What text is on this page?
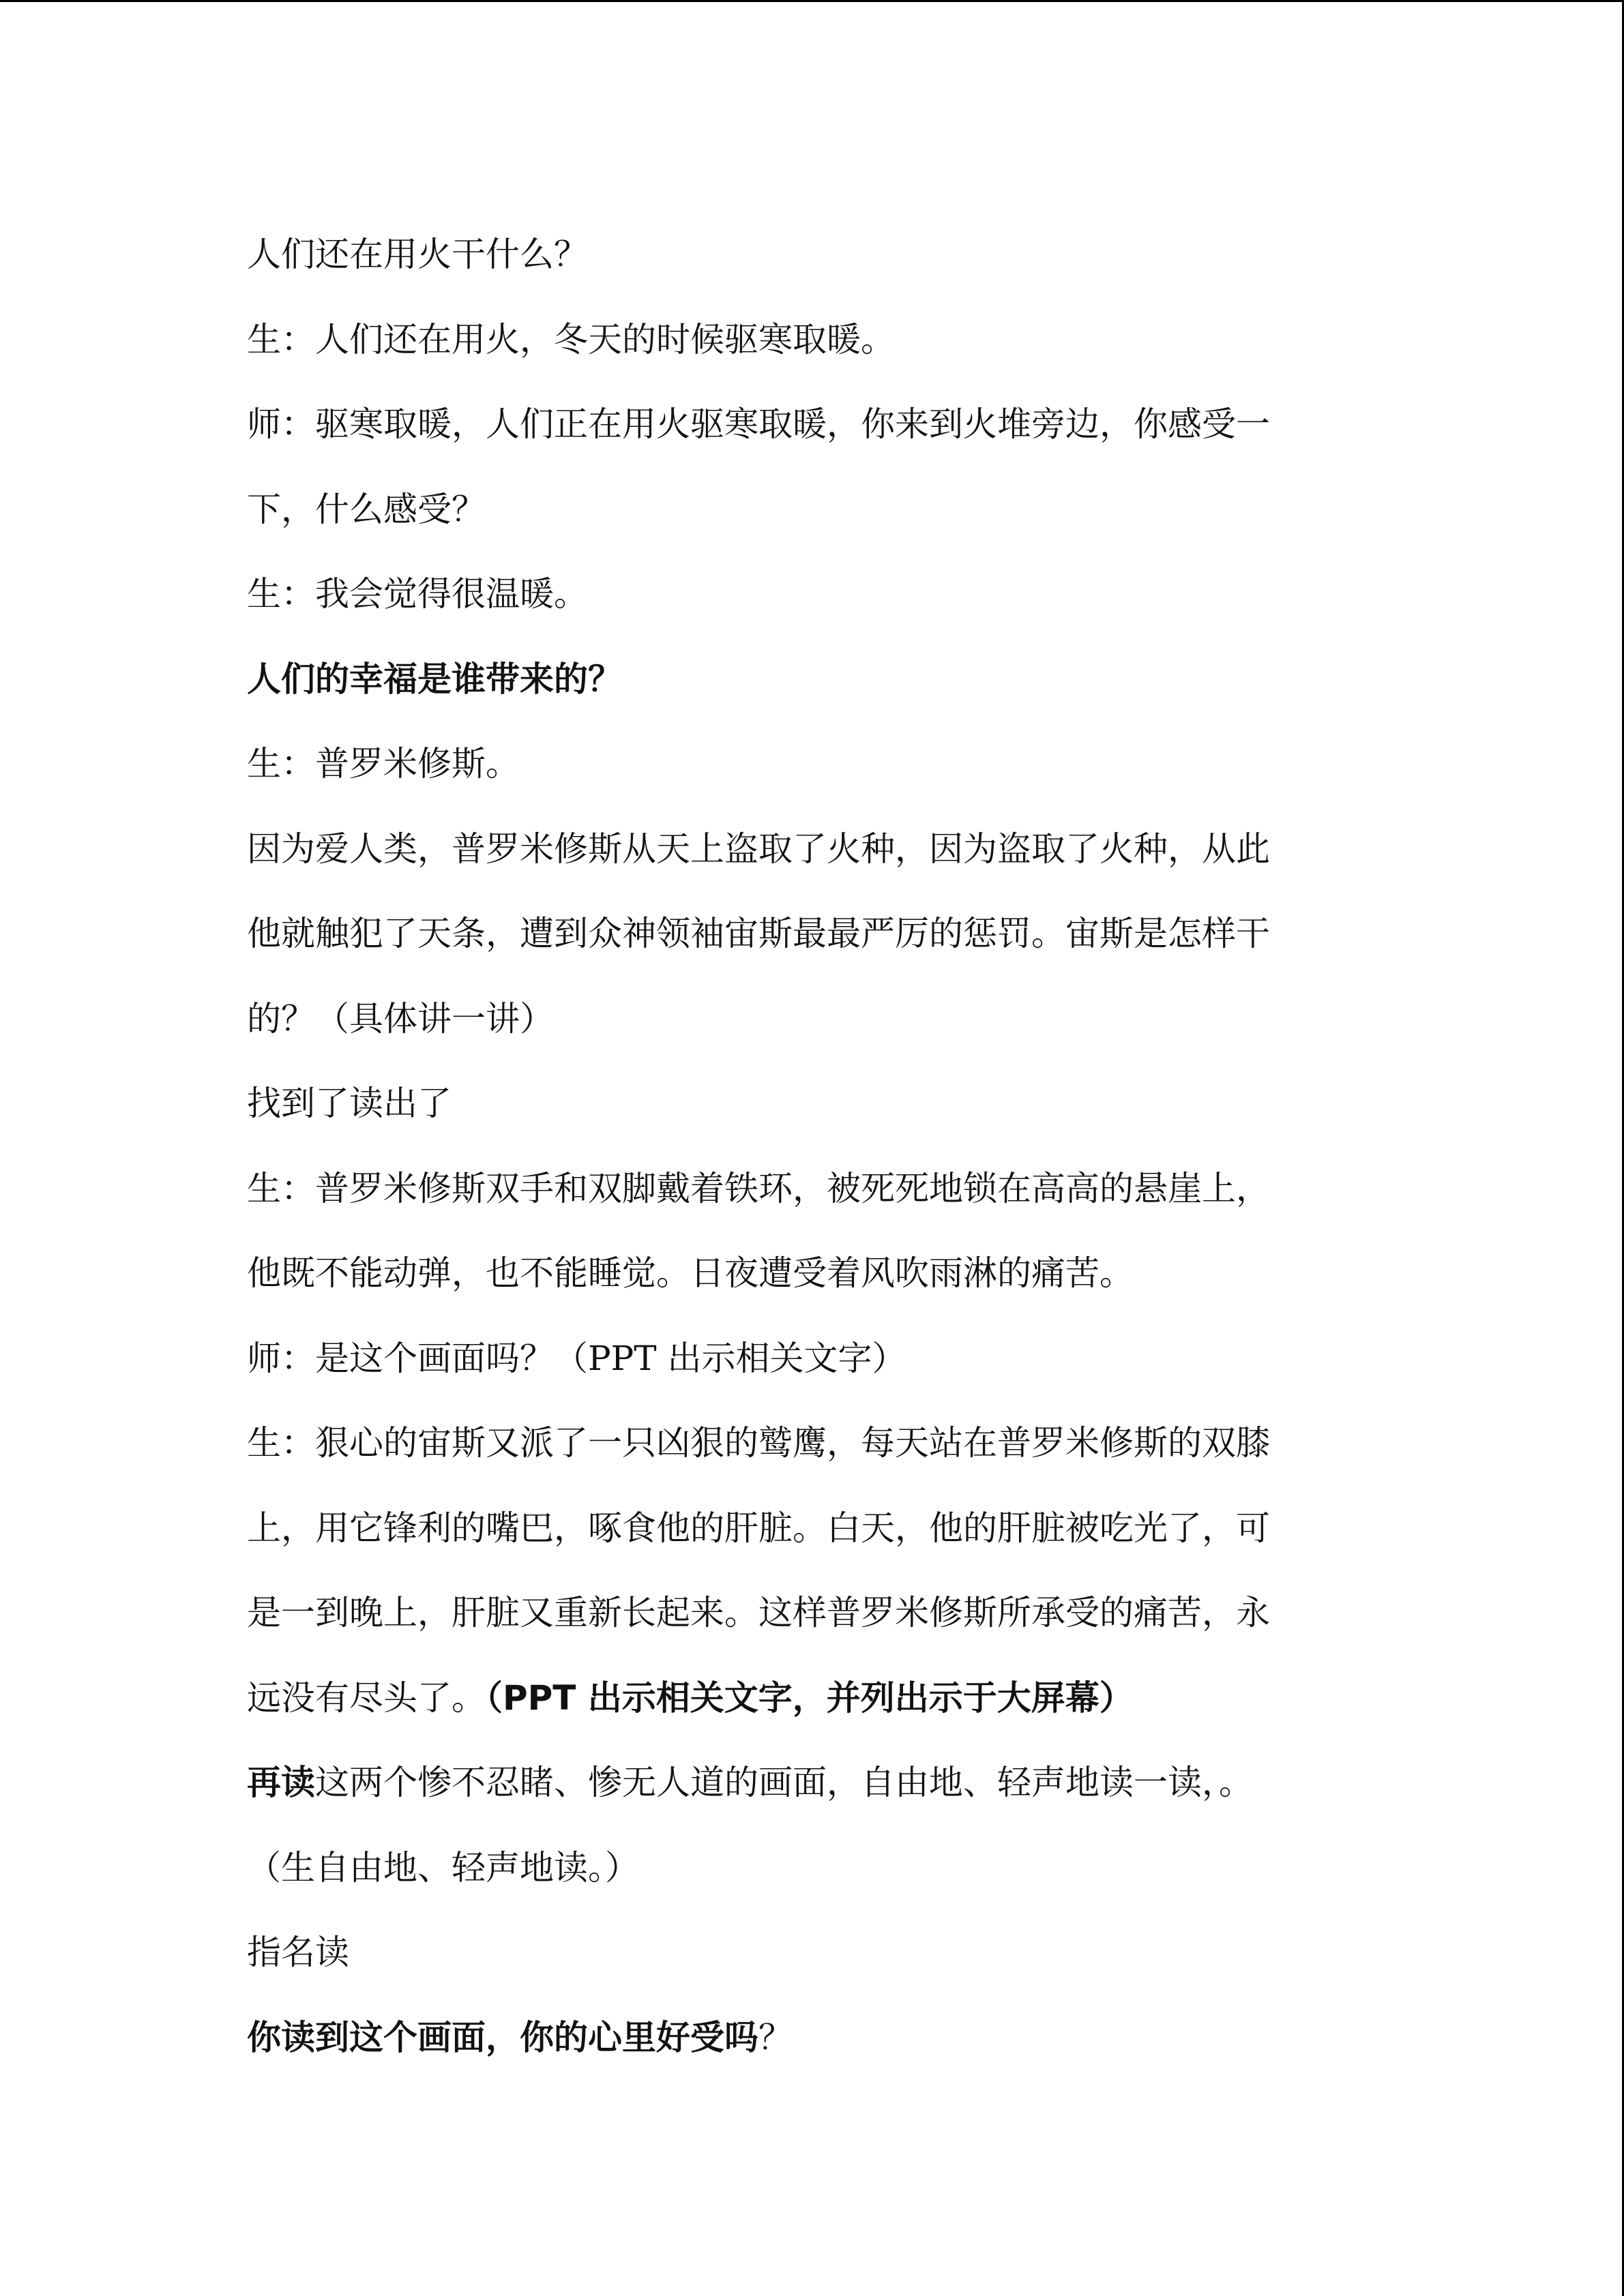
人们还在用火干什么？
生：人们还在用火，冬天的时候驱寒取暖。
师：驱寒取暖，人们正在用火驱寒取暖，你来到火堆旁边，你感受一
下，什么感受？
生：我会觉得很温暖。
人们的幸福是谁带来的？
生：普罗米修斯。
因为爱人类，普罗米修斯从天上盗取了火种，因为盗取了火种，从此
他就触犯了天条，遭到众神领袖宙斯最最严厉的惩罚。宙斯是怎样干
的？（具体讲一讲）
找到了读出了
生：普罗米修斯双手和双脚戴着铁环，被死死地锁在高高的悬崖上，
他既不能动弹，也不能睡觉。日夜遭受着风吹雨淋的痛苦。
师：是这个画面吗？（PPT 出示相关文字）
生：狠心的宙斯又派了一只凶狠的鹫鹰，每天站在普罗米修斯的双膝
上，用它锋利的嘴巴，啄食他的肝脏。白天，他的肝脏被吃光了，可
是一到晚上，肝脏又重新长起来。这样普罗米修斯所承受的痛苦，永
远没有尽头了。（PPT 出示相关文字，并列出示于大屏幕）
再读这两个惨不忍睹、惨无人道的画面，自由地、轻声地读一读，。
（生自由地、轻声地读。）
指名读
你读到这个画面，你的心里好受吗？
